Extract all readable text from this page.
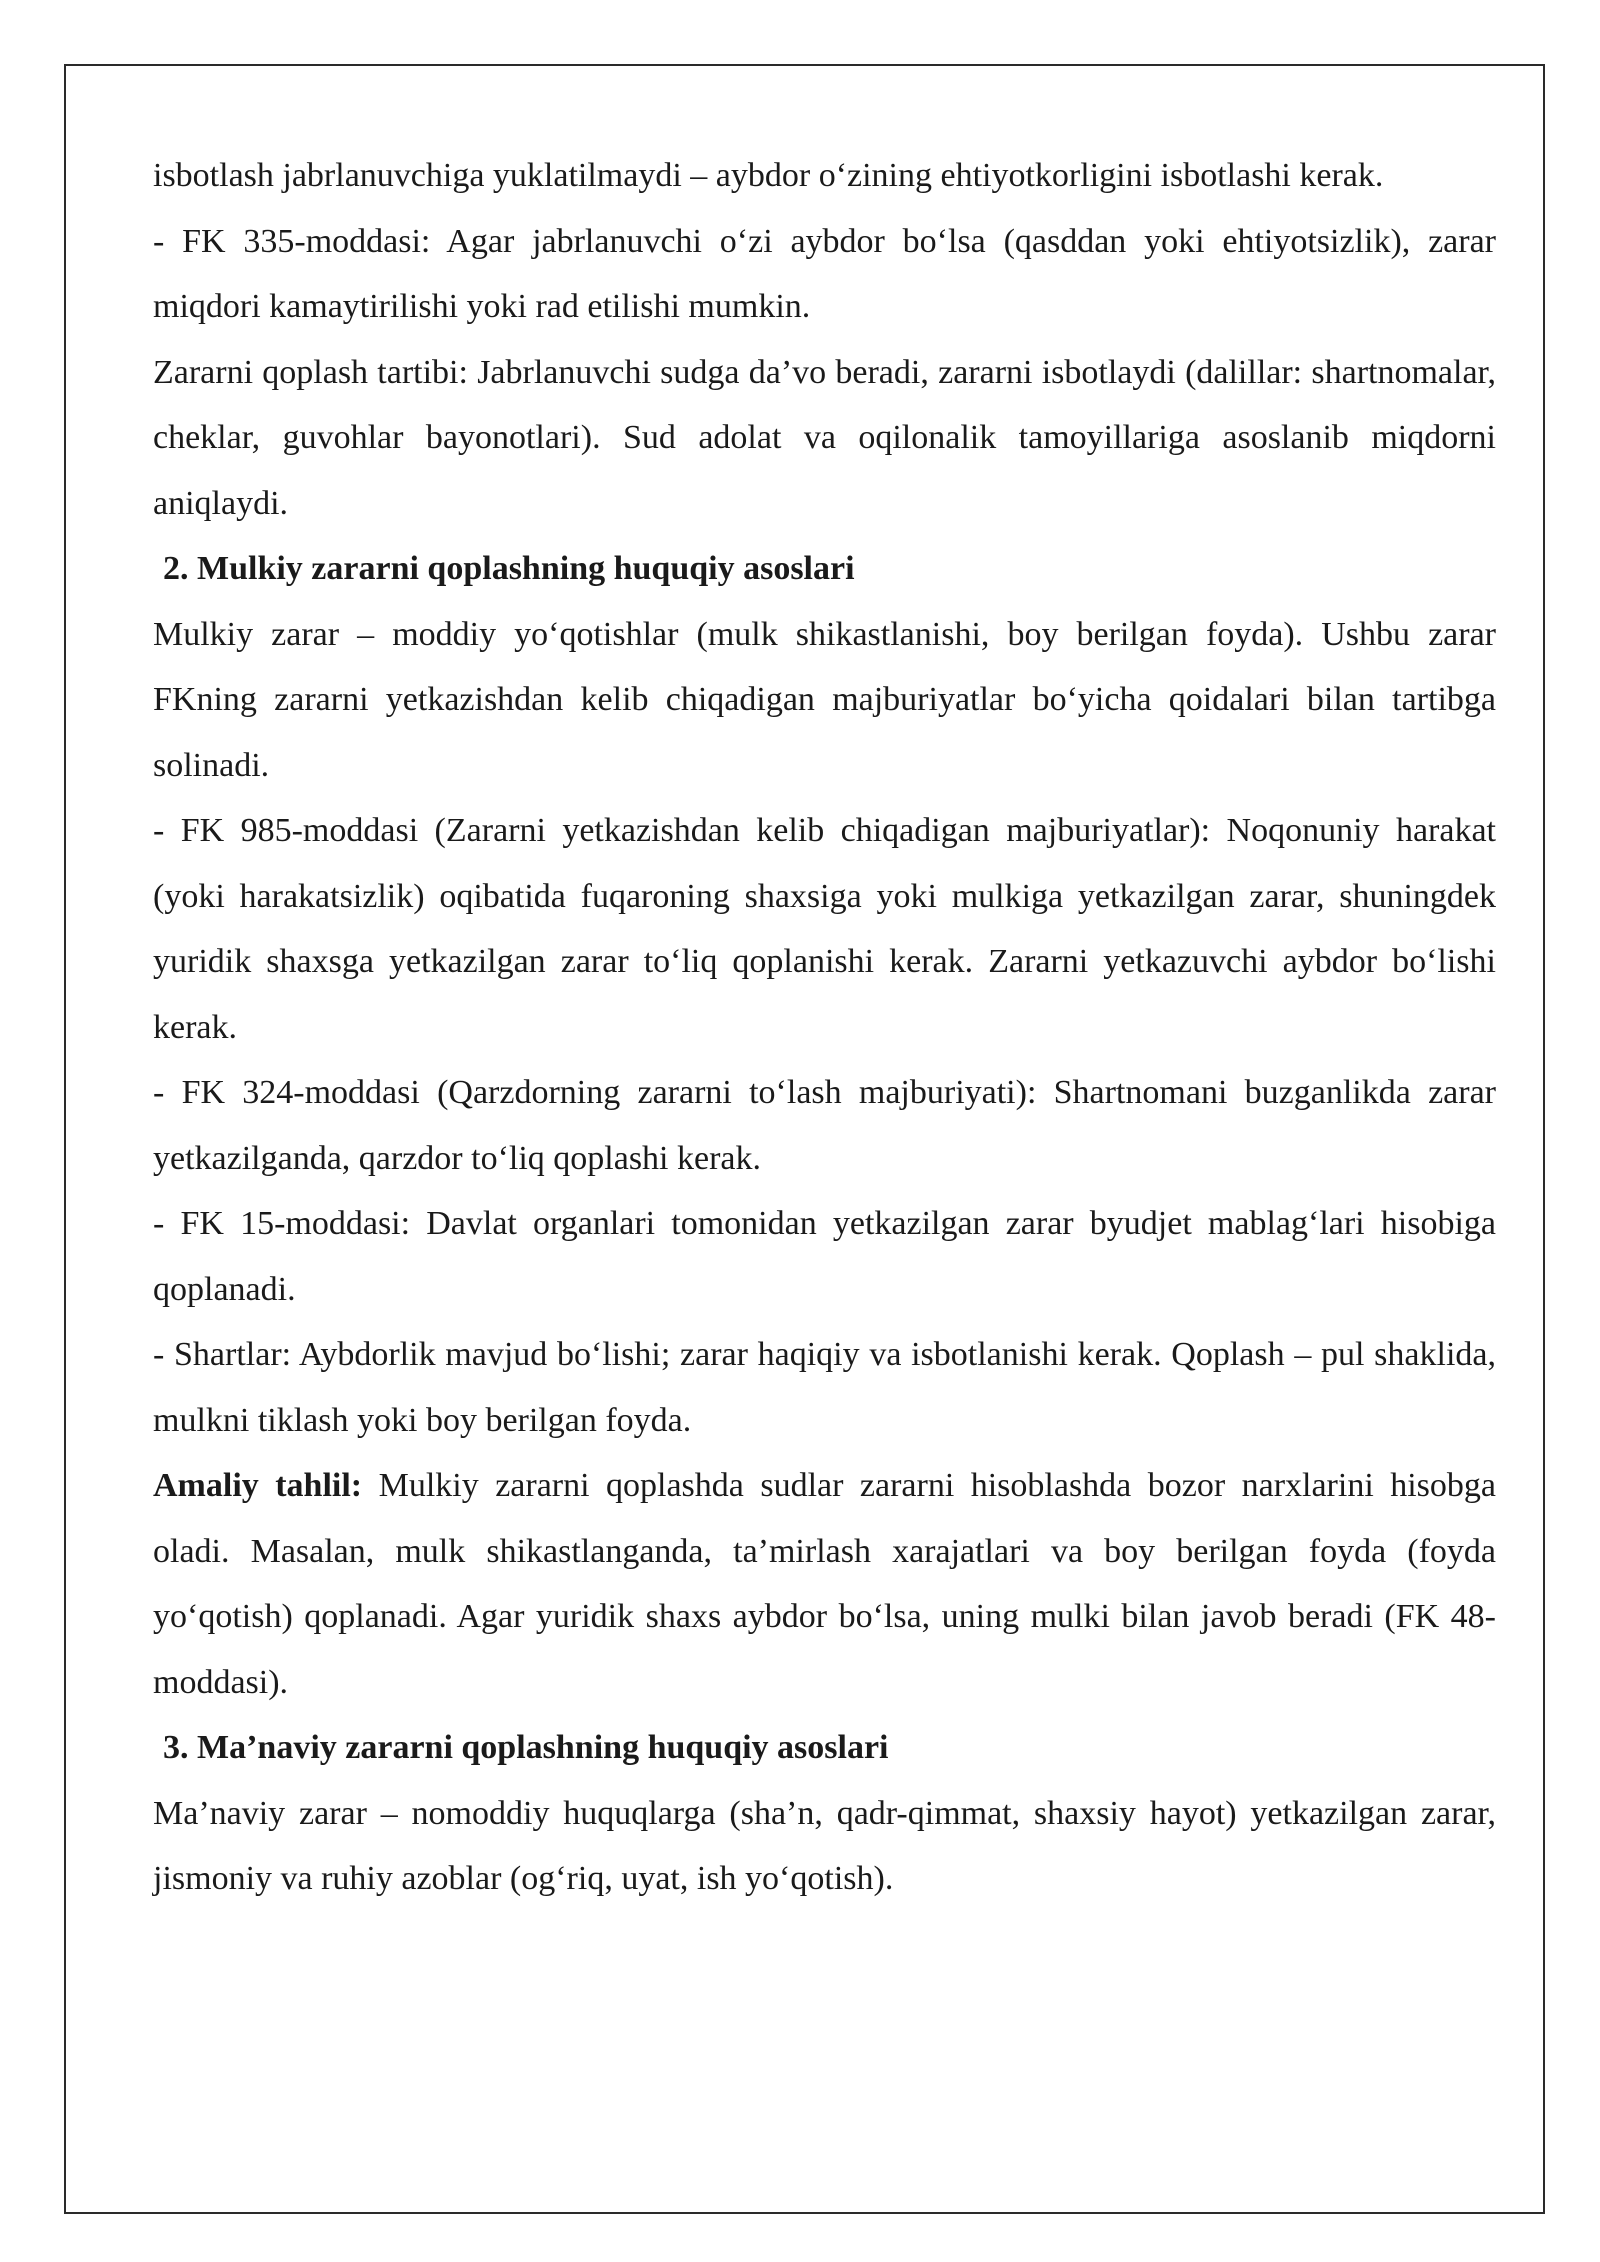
isbotlash jabrlanuvchiga yuklatilmaydi – aybdor o‘zining ehtiyotkorligini isbotlashi kerak.

- FK 335-moddasi: Agar jabrlanuvchi o‘zi aybdor bo‘lsa (qasddan yoki ehtiyotsizlik), zarar miqdori kamaytirilishi yoki rad etilishi mumkin.

Zararni qoplash tartibi: Jabrlanuvchi sudga da’vo beradi, zararni isbotlaydi (dalillar: shartnomalar, cheklar, guvohlar bayonotlari). Sud adolat va oqilonalik tamoyillariga asoslanib miqdorni aniqlaydi.

2. Mulkiy zararni qoplashning huquqiy asoslari

Mulkiy zarar – moddiy yo‘qotishlar (mulk shikastlanishi, boy berilgan foyda). Ushbu zarar FKning zararni yetkazishdan kelib chiqadigan majburiyatlar bo‘yicha qoidalari bilan tartibga solinadi.

- FK 985-moddasi (Zararni yetkazishdan kelib chiqadigan majburiyatlar): Noqonuniy harakat (yoki harakatsizlik) oqibatida fuqaroning shaxsiga yoki mulkiga yetkazilgan zarar, shuningdek yuridik shaxsga yetkazilgan zarar to‘liq qoplanishi kerak. Zararni yetkazuvchi aybdor bo‘lishi kerak.

- FK 324-moddasi (Qarzdorning zararni to‘lash majburiyati): Shartnomani buzganlikda zarar yetkazilganda, qarzdor to‘liq qoplashi kerak.

- FK 15-moddasi: Davlat organlari tomonidan yetkazilgan zarar byudjet mablag‘lari hisobiga qoplanadi.

- Shartlar: Aybdorlik mavjud bo‘lishi; zarar haqiqiy va isbotlanishi kerak. Qoplash – pul shaklida, mulkni tiklash yoki boy berilgan foyda.

Amaliy tahlil: Mulkiy zararni qoplashda sudlar zararni hisoblashda bozor narxlarini hisobga oladi. Masalan, mulk shikastlanganda, ta’mirlash xarajatlari va boy berilgan foyda (foyda yo‘qotish) qoplanadi. Agar yuridik shaxs aybdor bo‘lsa, uning mulki bilan javob beradi (FK 48-moddasi).

3. Ma’naviy zararni qoplashning huquqiy asoslari

Ma’naviy zarar – nomoddiy huquqlarga (sha’n, qadr-qimmat, shaxsiy hayot) yetkazilgan zarar, jismoniy va ruhiy azoblar (og‘riq, uyat, ish yo‘qotish).
